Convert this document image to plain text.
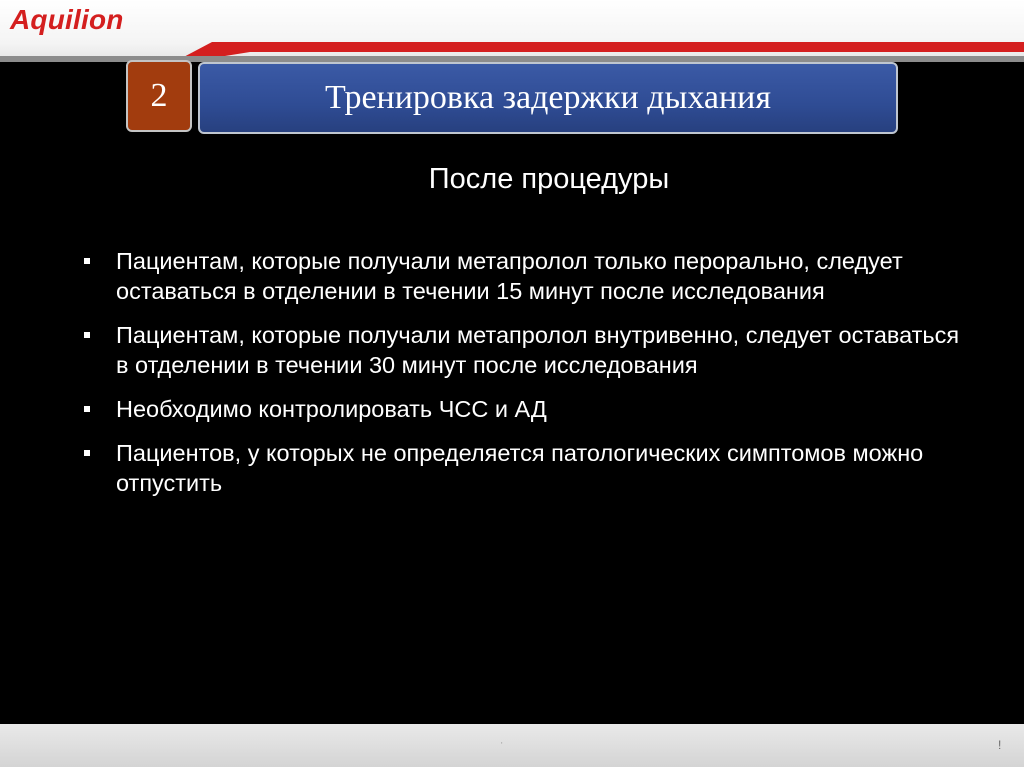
Aquilion
2	Тренировка задержки дыхания
После процедуры
Пациентам, которые получали метапролол только перорально, следует оставаться в отделении в течении 15 минут после исследования
Пациентам, которые получали метапролол внутривенно, следует оставаться в отделении в течении 30 минут после исследования
Необходимо контролировать ЧСС и АД
Пациентов, у которых не определяется патологических симптомов можно отпустить
'	!
